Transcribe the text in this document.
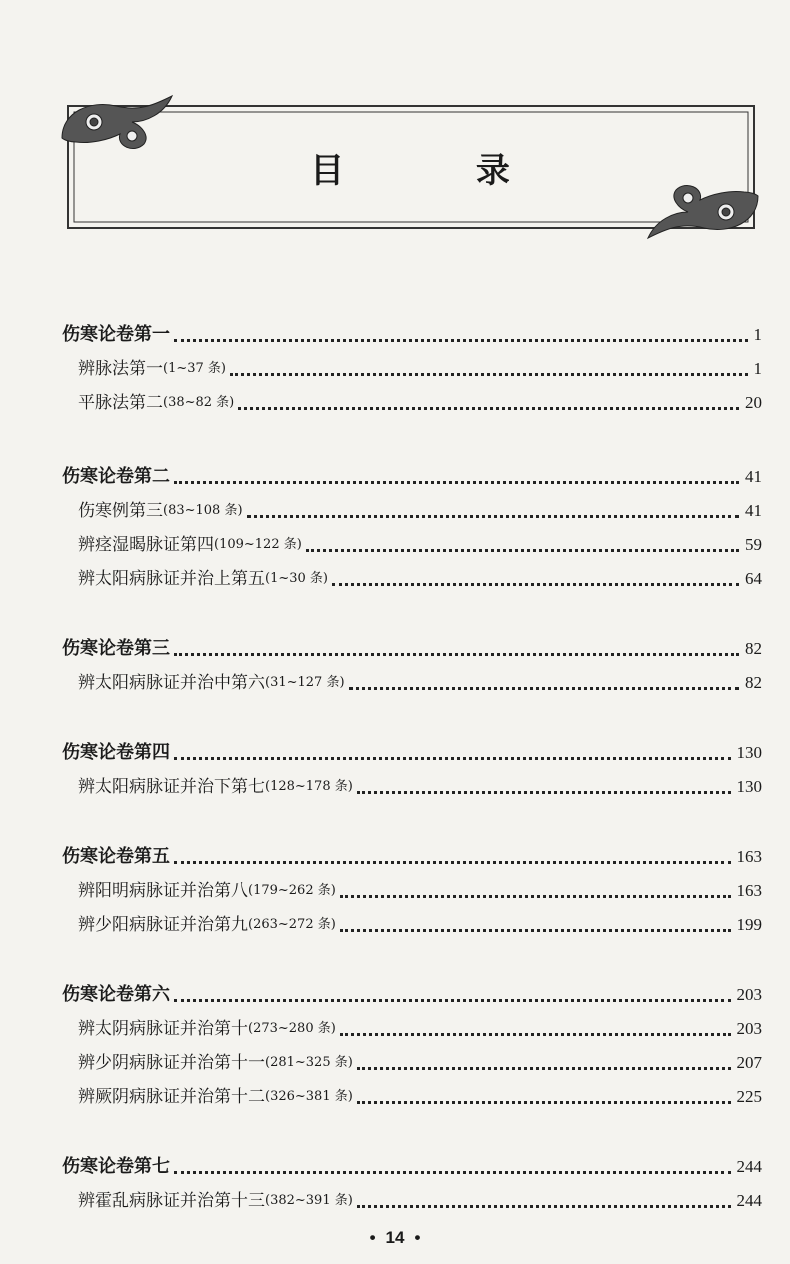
目 录
伤寒论卷第一	1
辨脉法第一 (1~37 条)	1
平脉法第二 (38~82 条)	20
伤寒论卷第二	41
伤寒例第三 (83~108 条)	41
辨痉湿暍脉证第四 (109~122 条)	59
辨太阳病脉证并治上第五 (1~30 条)	64
伤寒论卷第三	82
辨太阳病脉证并治中第六 (31~127 条)	82
伤寒论卷第四	130
辨太阳病脉证并治下第七 (128~178 条)	130
伤寒论卷第五	163
辨阳明病脉证并治第八 (179~262 条)	163
辨少阳病脉证并治第九 (263~272 条)	199
伤寒论卷第六	203
辨太阴病脉证并治第十 (273~280 条)	203
辨少阴病脉证并治第十一 (281~325 条)	207
辨厥阴病脉证并治第十二 (326~381 条)	225
伤寒论卷第七	244
辨霍乱病脉证并治第十三 (382~391 条)	244
• 14 •
